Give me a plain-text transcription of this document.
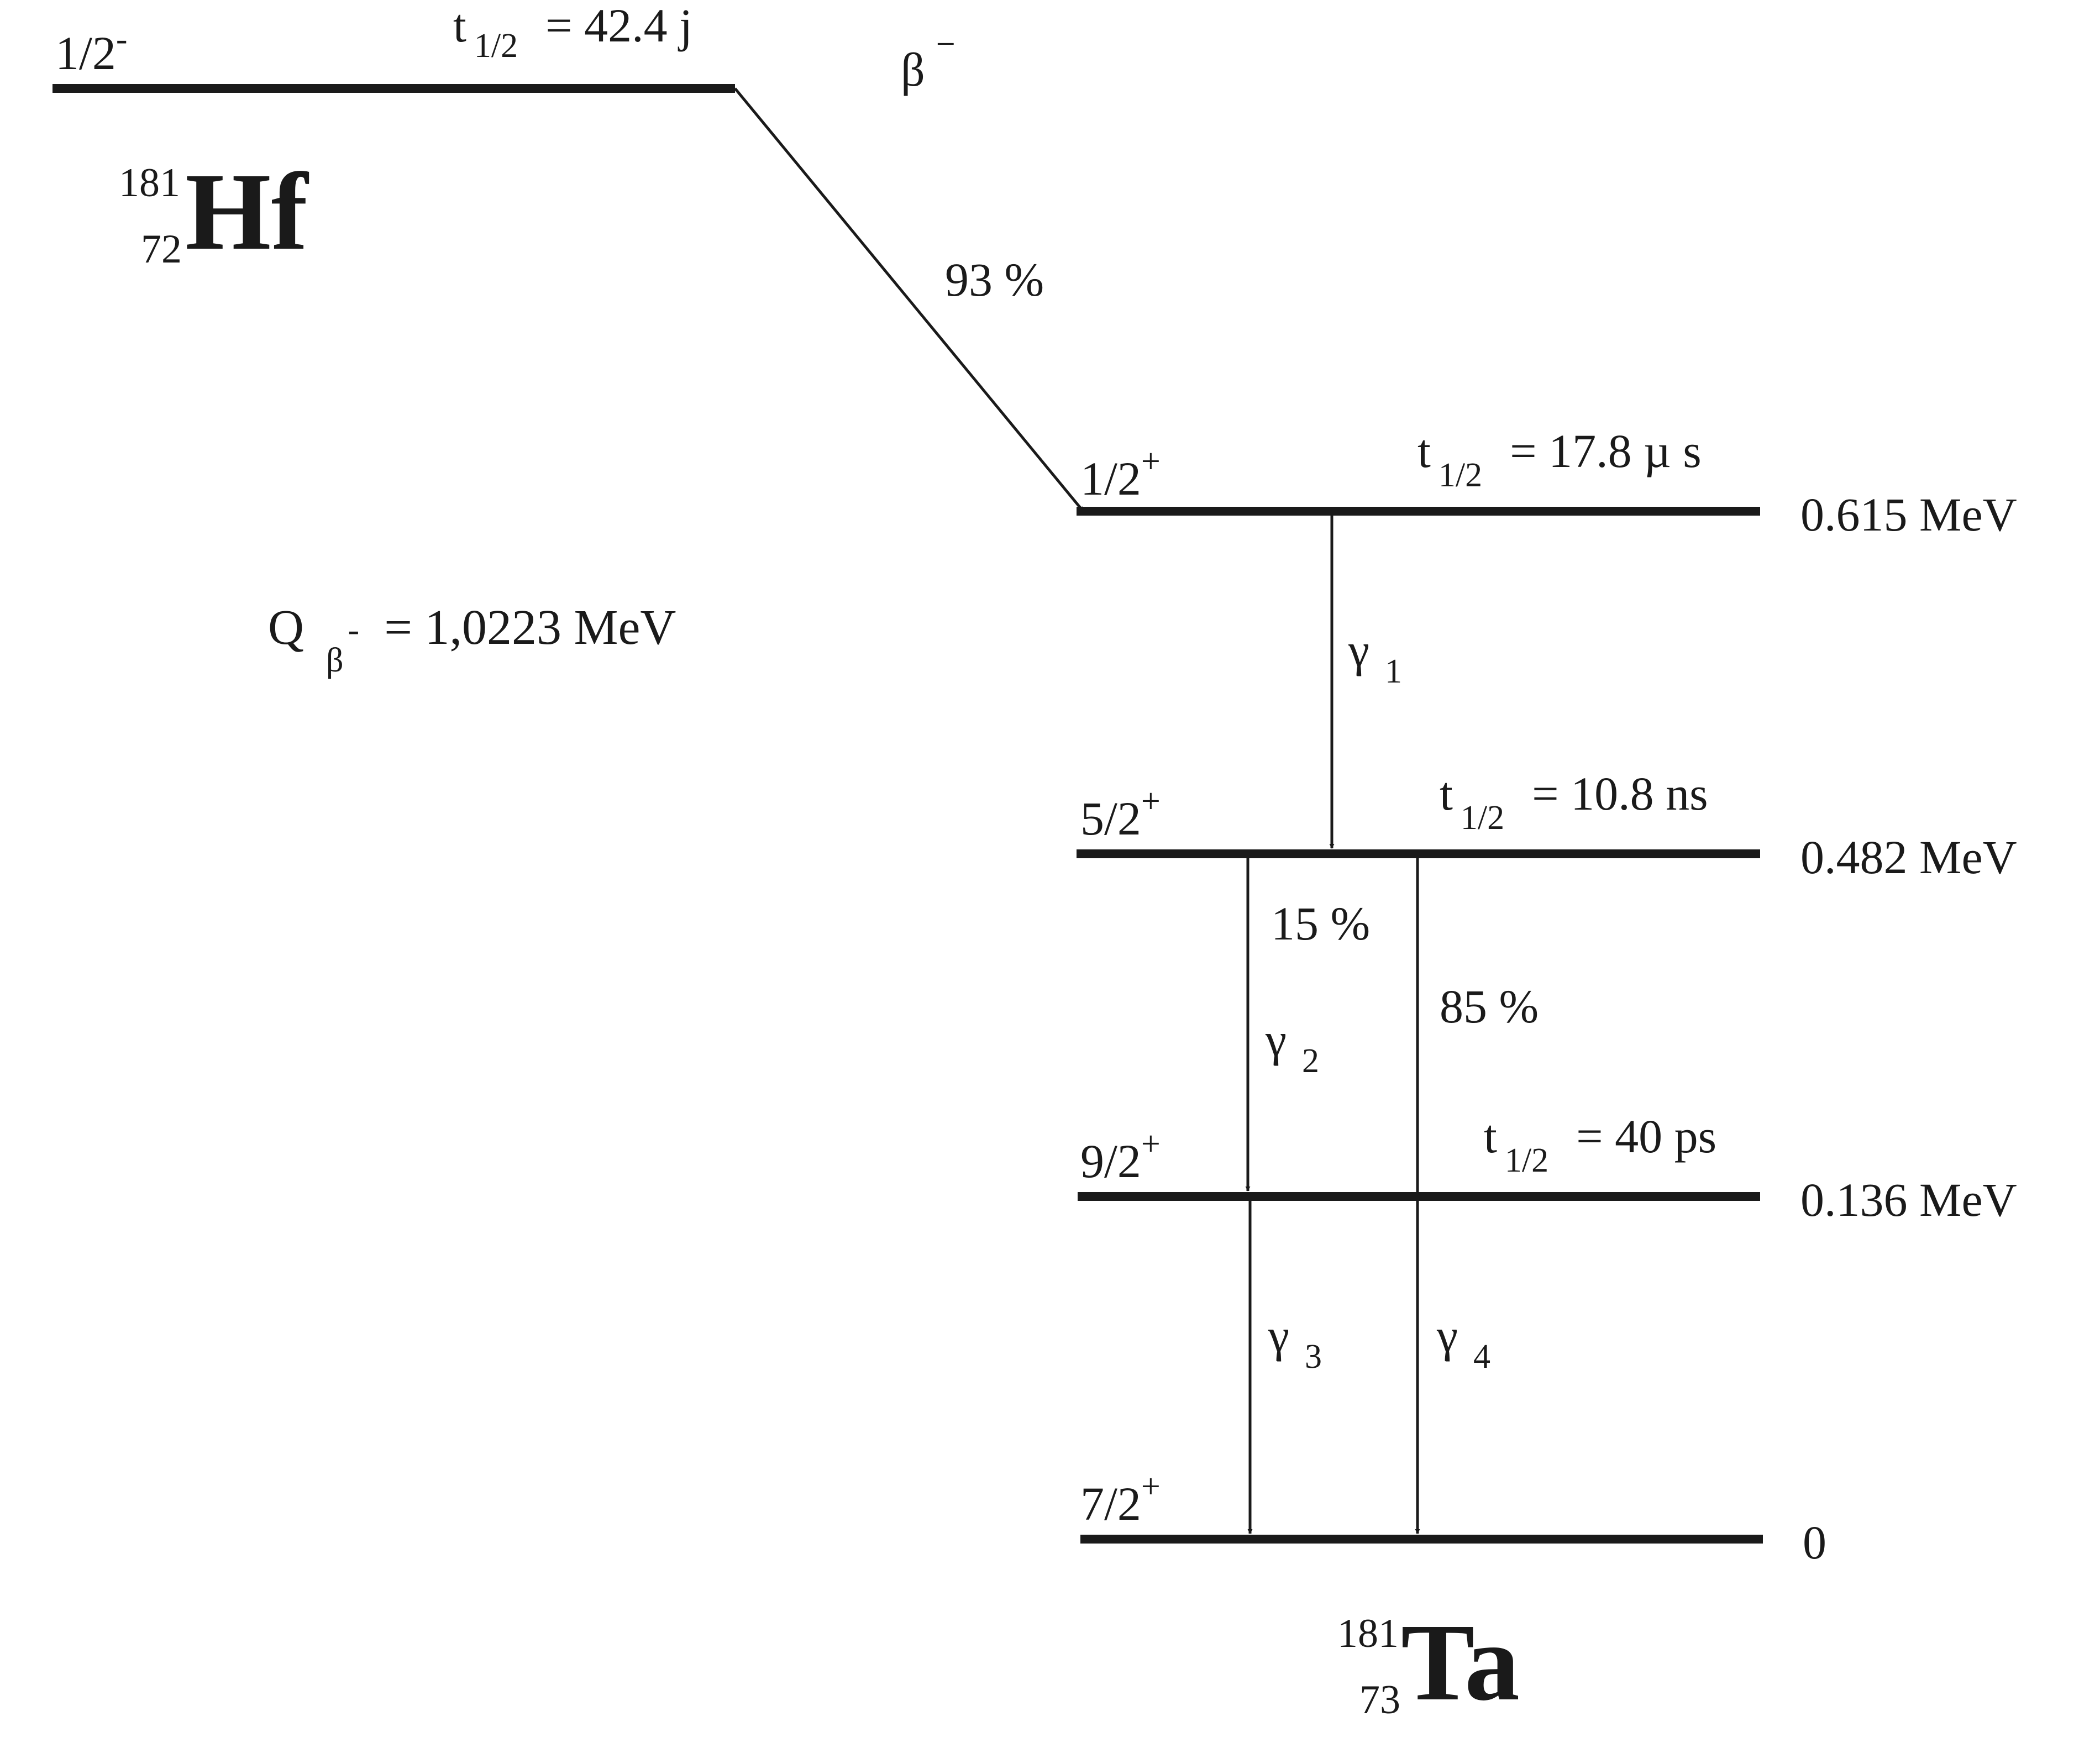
1/2-	t $_{1/2}$ = 42.4 j
181
72 Hf
β −
93 %
$Q_\beta^- = 1,0223$ MeV
1/2+	t $_{1/2}$ = 17.8 µ s
0.615 MeV
5/2+	t $_{1/2}$ = 10.8 ns
0.482 MeV
9/2+	t $_{1/2}$ = 40 ps
0.136 MeV
7/2+
0
γ $_1$
15 %
γ $_2$
γ $_3$
85 %
γ $_4$
181
73 Ta
